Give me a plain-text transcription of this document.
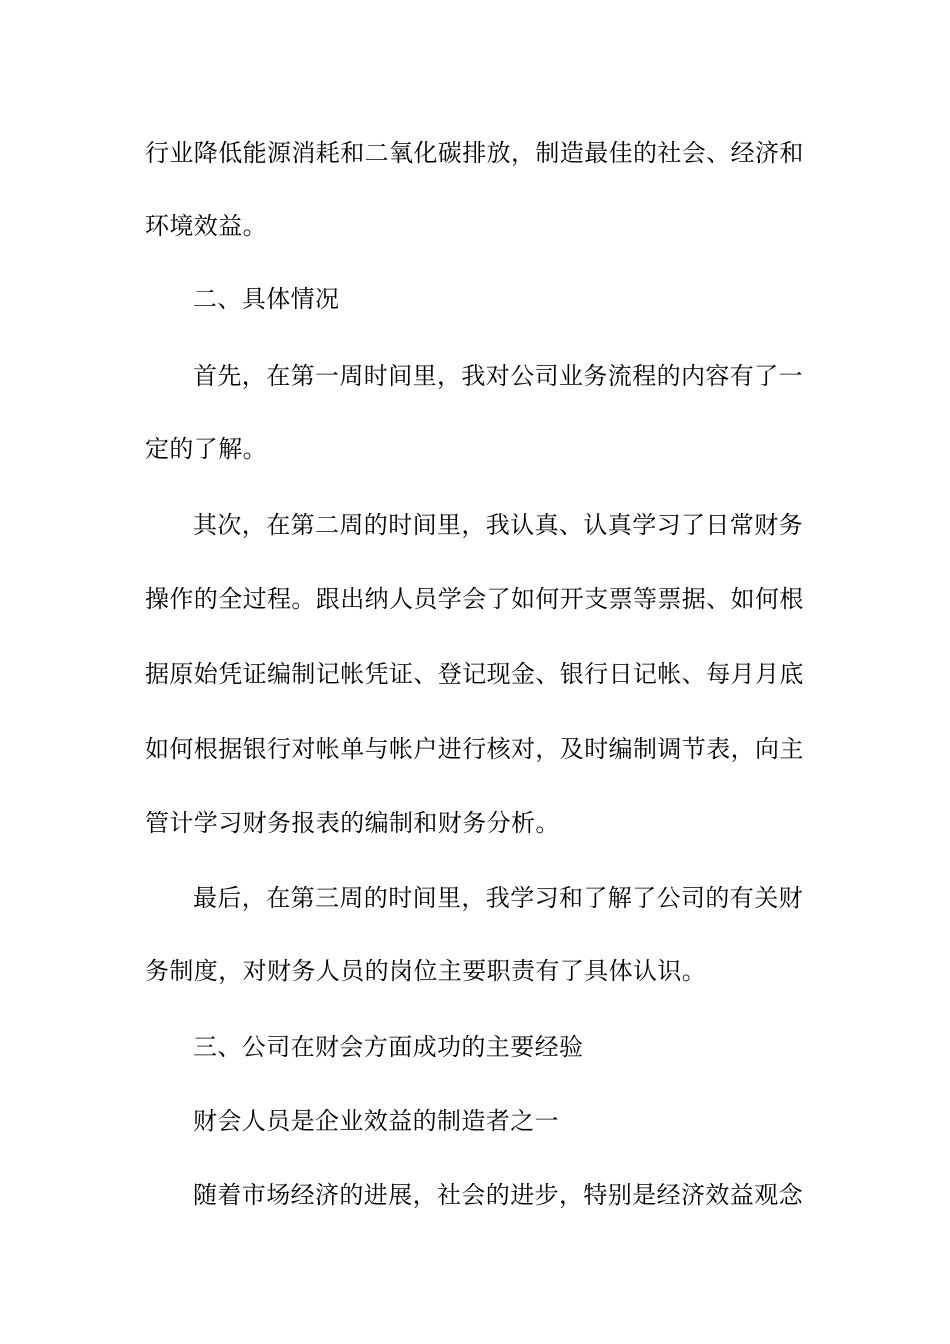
行业降低能源消耗和二氧化碳排放，制造最佳的社会、经济和
环境效益。
二、具体情况
首先，在第一周时间里，我对公司业务流程的内容有了一
定的了解。
其次，在第二周的时间里，我认真、认真学习了日常财务
操作的全过程。跟出纳人员学会了如何开支票等票据、如何根
据原始凭证编制记帐凭证、登记现金、银行日记帐、每月月底
如何根据银行对帐单与帐户进行核对，及时编制调节表，向主
管计学习财务报表的编制和财务分析。
最后，在第三周的时间里，我学习和了解了公司的有关财
务制度，对财务人员的岗位主要职责有了具体认识。
三、公司在财会方面成功的主要经验
财会人员是企业效益的制造者之一
随着市场经济的进展，社会的进步，特别是经济效益观念
